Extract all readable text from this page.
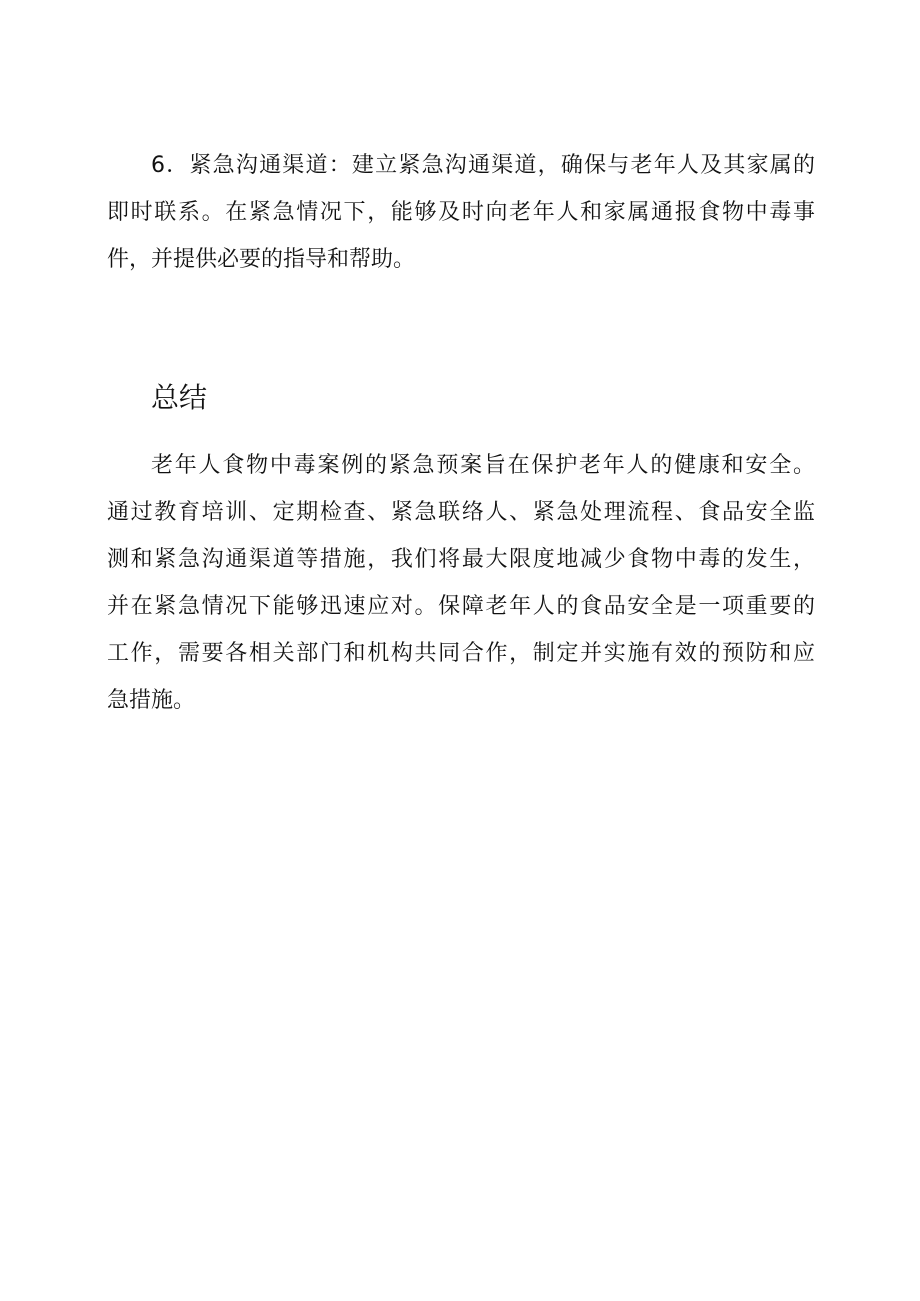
6．紧急沟通渠道：建立紧急沟通渠道，确保与老年人及其家属的
即时联系。在紧急情况下，能够及时向老年人和家属通报食物中毒事
件，并提供必要的指导和帮助。
总结
老年人食物中毒案例的紧急预案旨在保护老年人的健康和安全。
通过教育培训、定期检查、紧急联络人、紧急处理流程、食品安全监
测和紧急沟通渠道等措施，我们将最大限度地减少食物中毒的发生，
并在紧急情况下能够迅速应对。保障老年人的食品安全是一项重要的
工作，需要各相关部门和机构共同合作，制定并实施有效的预防和应
急措施。
